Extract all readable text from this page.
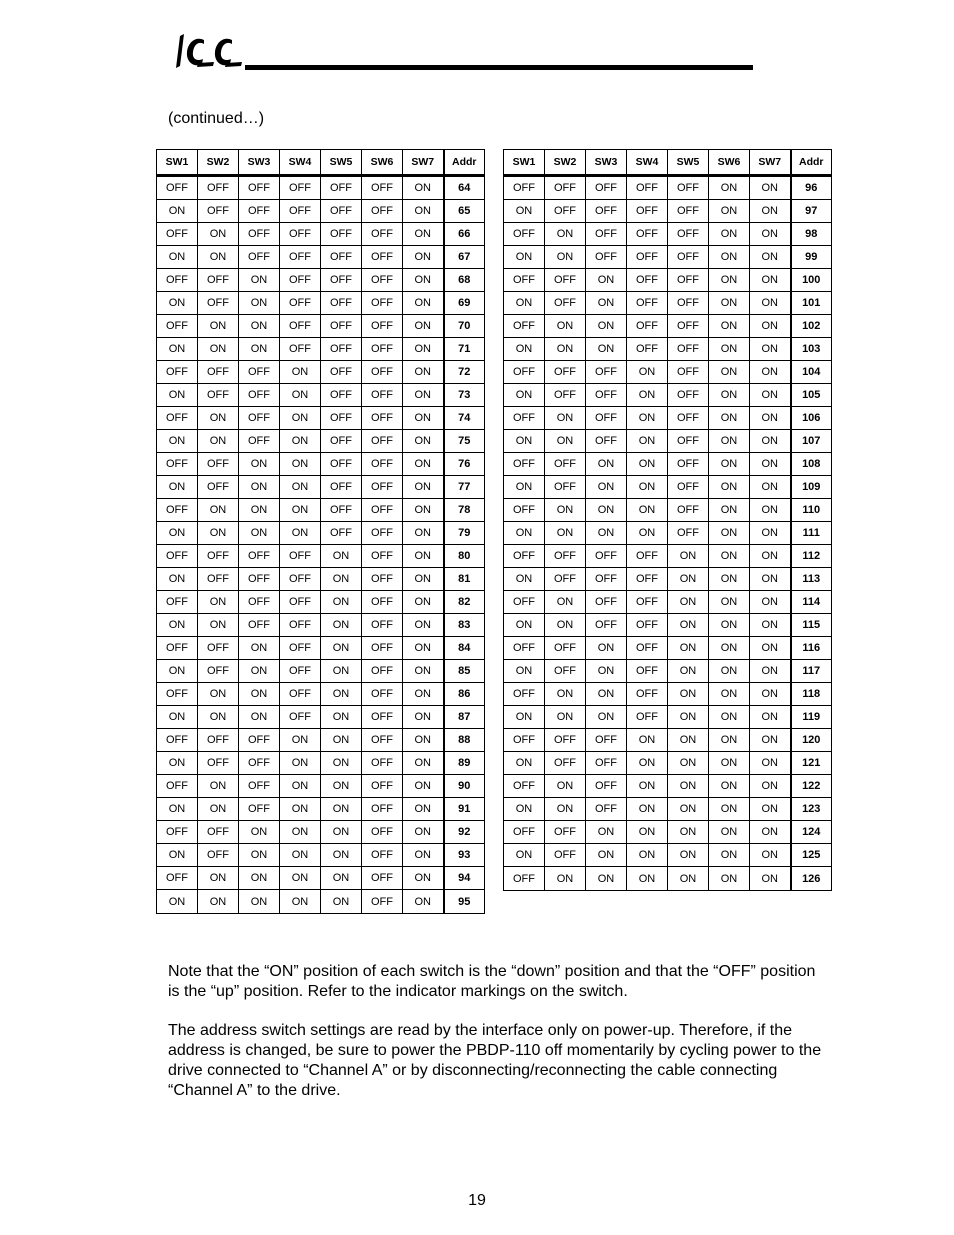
(continued…)
SW1	SW2	SW3	SW4	SW5	SW6	SW7	Addr
OFF	OFF	OFF	OFF	OFF	OFF	ON	64
ON	OFF	OFF	OFF	OFF	OFF	ON	65
OFF	ON	OFF	OFF	OFF	OFF	ON	66
ON	ON	OFF	OFF	OFF	OFF	ON	67
OFF	OFF	ON	OFF	OFF	OFF	ON	68
ON	OFF	ON	OFF	OFF	OFF	ON	69
OFF	ON	ON	OFF	OFF	OFF	ON	70
ON	ON	ON	OFF	OFF	OFF	ON	71
OFF	OFF	OFF	ON	OFF	OFF	ON	72
ON	OFF	OFF	ON	OFF	OFF	ON	73
OFF	ON	OFF	ON	OFF	OFF	ON	74
ON	ON	OFF	ON	OFF	OFF	ON	75
OFF	OFF	ON	ON	OFF	OFF	ON	76
ON	OFF	ON	ON	OFF	OFF	ON	77
OFF	ON	ON	ON	OFF	OFF	ON	78
ON	ON	ON	ON	OFF	OFF	ON	79
OFF	OFF	OFF	OFF	ON	OFF	ON	80
ON	OFF	OFF	OFF	ON	OFF	ON	81
OFF	ON	OFF	OFF	ON	OFF	ON	82
ON	ON	OFF	OFF	ON	OFF	ON	83
OFF	OFF	ON	OFF	ON	OFF	ON	84
ON	OFF	ON	OFF	ON	OFF	ON	85
OFF	ON	ON	OFF	ON	OFF	ON	86
ON	ON	ON	OFF	ON	OFF	ON	87
OFF	OFF	OFF	ON	ON	OFF	ON	88
ON	OFF	OFF	ON	ON	OFF	ON	89
OFF	ON	OFF	ON	ON	OFF	ON	90
ON	ON	OFF	ON	ON	OFF	ON	91
OFF	OFF	ON	ON	ON	OFF	ON	92
ON	OFF	ON	ON	ON	OFF	ON	93
OFF	ON	ON	ON	ON	OFF	ON	94
ON	ON	ON	ON	ON	OFF	ON	95
SW1	SW2	SW3	SW4	SW5	SW6	SW7	Addr
OFF	OFF	OFF	OFF	OFF	ON	ON	96
ON	OFF	OFF	OFF	OFF	ON	ON	97
OFF	ON	OFF	OFF	OFF	ON	ON	98
ON	ON	OFF	OFF	OFF	ON	ON	99
OFF	OFF	ON	OFF	OFF	ON	ON	100
ON	OFF	ON	OFF	OFF	ON	ON	101
OFF	ON	ON	OFF	OFF	ON	ON	102
ON	ON	ON	OFF	OFF	ON	ON	103
OFF	OFF	OFF	ON	OFF	ON	ON	104
ON	OFF	OFF	ON	OFF	ON	ON	105
OFF	ON	OFF	ON	OFF	ON	ON	106
ON	ON	OFF	ON	OFF	ON	ON	107
OFF	OFF	ON	ON	OFF	ON	ON	108
ON	OFF	ON	ON	OFF	ON	ON	109
OFF	ON	ON	ON	OFF	ON	ON	110
ON	ON	ON	ON	OFF	ON	ON	111
OFF	OFF	OFF	OFF	ON	ON	ON	112
ON	OFF	OFF	OFF	ON	ON	ON	113
OFF	ON	OFF	OFF	ON	ON	ON	114
ON	ON	OFF	OFF	ON	ON	ON	115
OFF	OFF	ON	OFF	ON	ON	ON	116
ON	OFF	ON	OFF	ON	ON	ON	117
OFF	ON	ON	OFF	ON	ON	ON	118
ON	ON	ON	OFF	ON	ON	ON	119
OFF	OFF	OFF	ON	ON	ON	ON	120
ON	OFF	OFF	ON	ON	ON	ON	121
OFF	ON	OFF	ON	ON	ON	ON	122
ON	ON	OFF	ON	ON	ON	ON	123
OFF	OFF	ON	ON	ON	ON	ON	124
ON	OFF	ON	ON	ON	ON	ON	125
OFF	ON	ON	ON	ON	ON	ON	126

Note that the “ON” position of each switch is the “down” position and that the “OFF” position is the “up” position. Refer to the indicator markings on the switch.

The address switch settings are read by the interface only on power-up. Therefore, if the address is changed, be sure to power the PBDP-110 off momentarily by cycling power to the drive connected to “Channel A” or by disconnecting/reconnecting the cable connecting “Channel A” to the drive.

19
